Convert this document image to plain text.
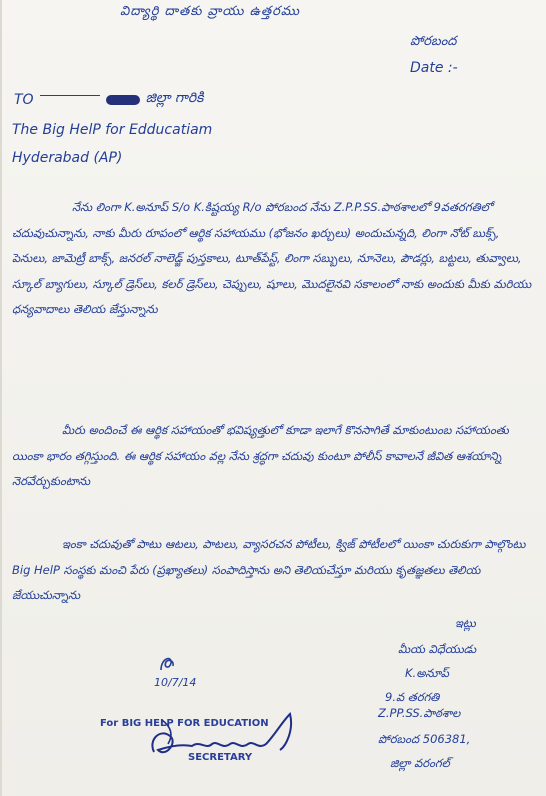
విద్యార్థి దాతకు వ్రాయు ఉత్తరము
పోరబంద
Date :-
TO	జిల్లా గారికి
The Big HelP for Edducatiam
Hyderabad (AP)
నేను లింగా K.అనూప్ S/o K.కిష్టయ్య R/o పోరబంద నేను Z.P.P.SS.పాఠశాలలో 9వతరగతిలో చదువుచున్నాను, నాకు మీరు రూపంలో ఆర్థిక సహాయము (భోజనం ఖర్చులు) అందుచున్నది, లింగా నోట్ బుక్స్, పెనులు, జామెట్రీ బాక్స్, జనరల్ నాలెడ్జ్ పుస్తకాలు, టూత్‌పేస్ట్, లింగా సబ్బులు, నూనెలు, పౌడర్లు, బట్టలు, తువ్వాలు, స్కూల్ బ్యాగులు, స్కూల్ డ్రెస్‌లు, కలర్ డ్రెస్‌లు, చెప్పులు, షూలు, మొదలైనవి సకాలంలో నాకు అందుకు మీకు మరియు ధన్యవాదాలు తెలియ జేస్తున్నాను
మీరు అందించే ఈ ఆర్థిక సహాయంతో భవిష్యత్తులో కూడా ఇలాగే కొనసాగితే మాకుంటుంబ సహాయంతు యింకా భారం తగ్గిస్తుంది. ఈ ఆర్థిక సహాయం వల్ల నేను శ్రద్ధగా చదువు కుంటూ పోలీస్ కావాలనే జీవిత ఆశయాన్ని నెరవేర్చుకుంటాను
ఇంకా చదువుతో పాటు ఆటలు, పాటలు, వ్యాసరచన పోటీలు, క్విజ్ పోటీలలో యింకా చురుకుగా పాల్గొంటు Big HelP సంస్థకు మంచి పేరు (ప్రఖ్యాతలు) సంపాదిస్తాను అని తెలియచేస్తూ మరియు కృతజ్ఞతలు తెలియ జేయుచున్నాను
ఇట్లు
మీయ విధేయుడు
K.అనూప్
9.వ తరగతి
Z.PP.SS.పాఠశాల
పోరబంద 506381,
జిల్లా వరంగల్
10/7/14
For BIG HELP FOR EDUCATION
SECRETARY
